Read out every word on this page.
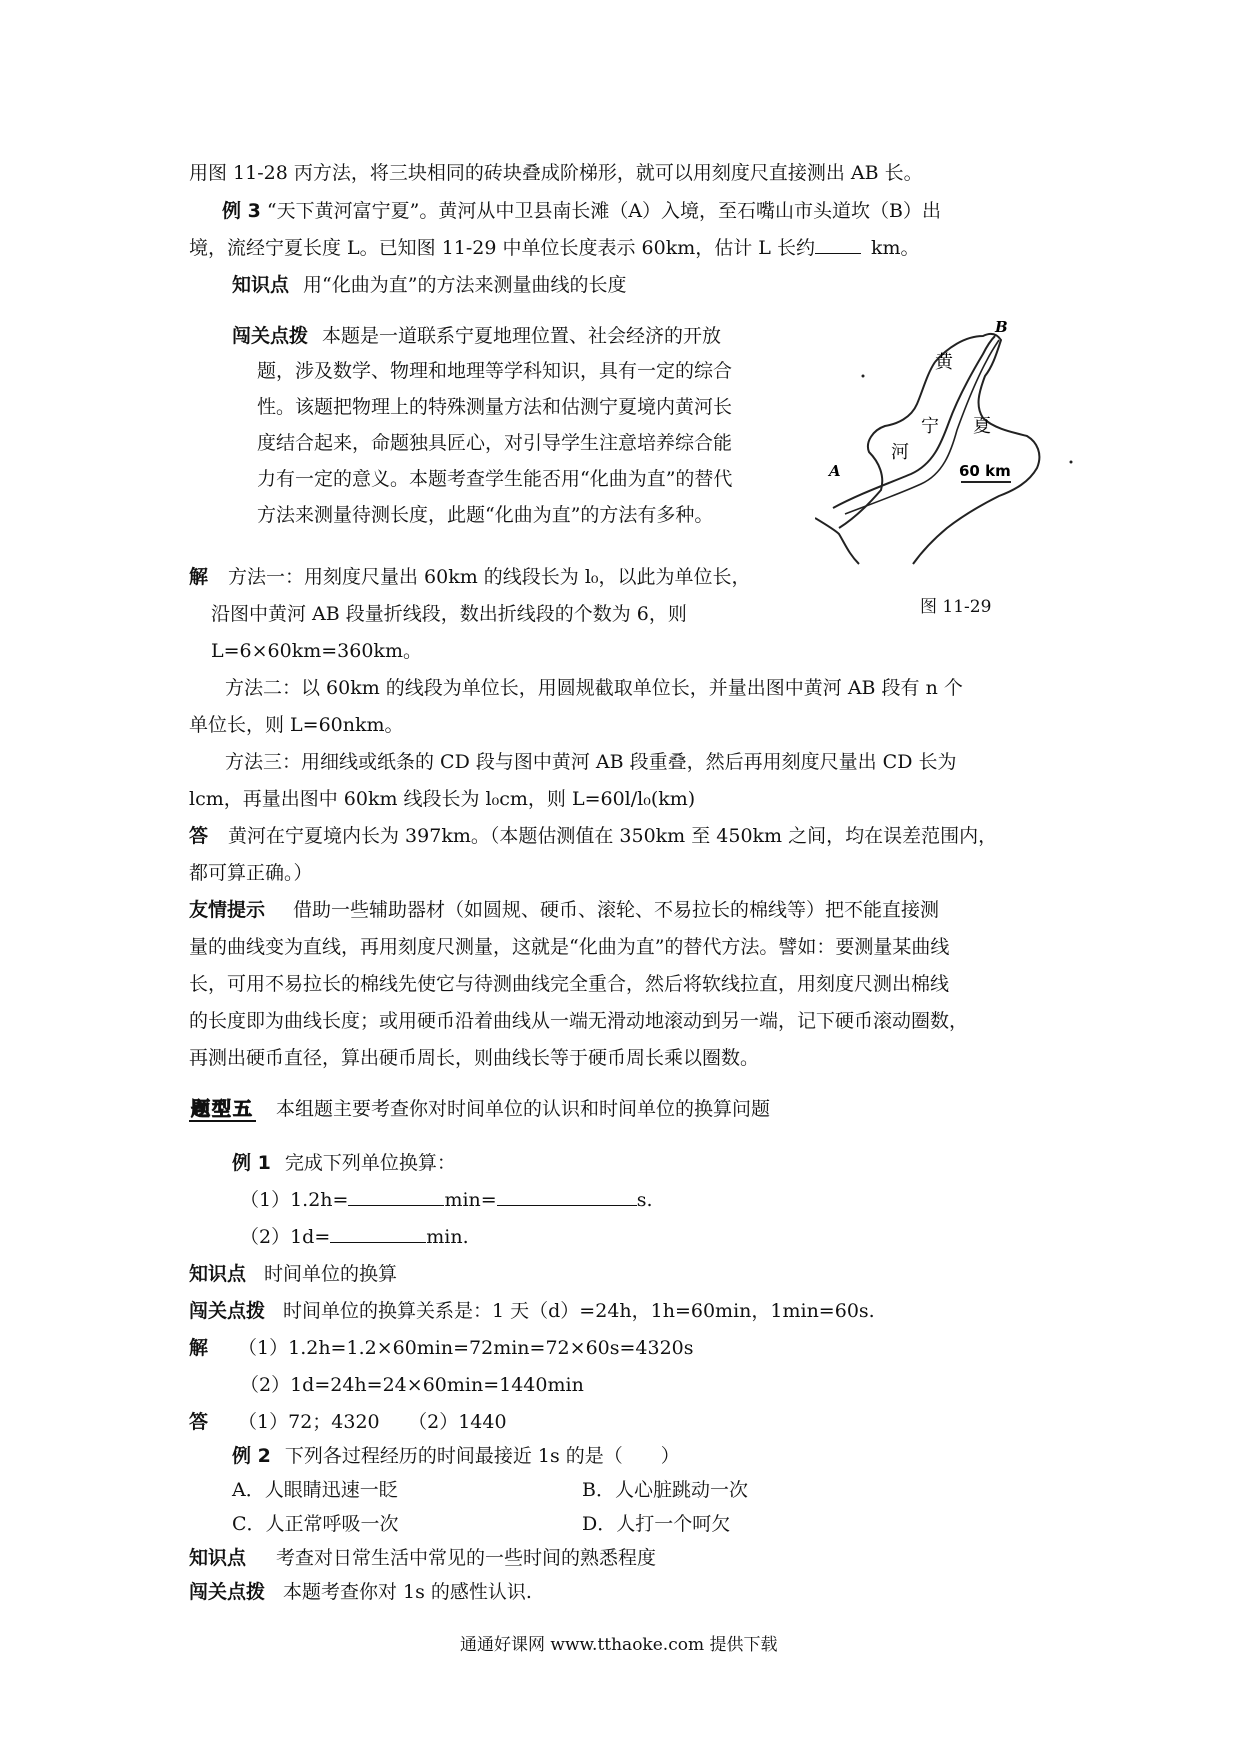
用图 11-28 丙方法，将三块相同的砖块叠成阶梯形，就可以用刻度尺直接测出 AB 长。
例 3 “天下黄河富宁夏”。黄河从中卫县南长滩（A）入境，至石嘴山市头道坎（B）出
境，流经宁夏长度 L。已知图 11-29 中单位长度表示 60km，估计 L 长约	km。
知识点 用“化曲为直”的方法来测量曲线的长度
闯关点拨 本题是一道联系宁夏地理位置、社会经济的开放
题，涉及数学、物理和地理等学科知识，具有一定的综合
性。该题把物理上的特殊测量方法和估测宁夏境内黄河长
度结合起来，命题独具匠心，对引导学生注意培养综合能
力有一定的意义。本题考查学生能否用“化曲为直”的替代
方法来测量待测长度，此题“化曲为直”的方法有多种。
B
黄
宁 夏
河
A	60 km
图 11-29
解 方法一：用刻度尺量出 60km 的线段长为 l₀，以此为单位长，
沿图中黄河 AB 段量折线段，数出折线段的个数为 6，则
L=6×60km=360km。
方法二：以 60km 的线段为单位长，用圆规截取单位长，并量出图中黄河 AB 段有 n 个
单位长，则 L=60nkm。
方法三：用细线或纸条的 CD 段与图中黄河 AB 段重叠，然后再用刻度尺量出 CD 长为
lcm，再量出图中 60km 线段长为 l₀cm，则 L=60l/l₀(km)
答 黄河在宁夏境内长为 397km。（本题估测值在 350km 至 450km 之间，均在误差范围内，
都可算正确。）
友情提示 借助一些辅助器材（如圆规、硬币、滚轮、不易拉长的棉线等）把不能直接测
量的曲线变为直线，再用刻度尺测量，这就是“化曲为直”的替代方法。譬如：要测量某曲线
长，可用不易拉长的棉线先使它与待测曲线完全重合，然后将软线拉直，用刻度尺测出棉线
的长度即为曲线长度；或用硬币沿着曲线从一端无滑动地滚动到另一端，记下硬币滚动圈数，
再测出硬币直径，算出硬币周长，则曲线长等于硬币周长乘以圈数。
题型五 本组题主要考查你对时间单位的认识和时间单位的换算问题
例 1 完成下列单位换算：
（1）1.2h=	min=	s.
（2）1d=	min.
知识点 时间单位的换算
闯关点拨 时间单位的换算关系是：1 天（d）=24h，1h=60min，1min=60s.
解 （1）1.2h=1.2×60min=72min=72×60s=4320s
（2）1d=24h=24×60min=1440min
答 （1）72；4320　　（2）1440
例 2 下列各过程经历的时间最接近 1s 的是（　　）
A．人眼睛迅速一眨	B．人心脏跳动一次
C．人正常呼吸一次	D．人打一个呵欠
知识点 考查对日常生活中常见的一些时间的熟悉程度
闯关点拨 本题考查你对 1s 的感性认识.
通通好课网 www.tthaoke.com 提供下载
